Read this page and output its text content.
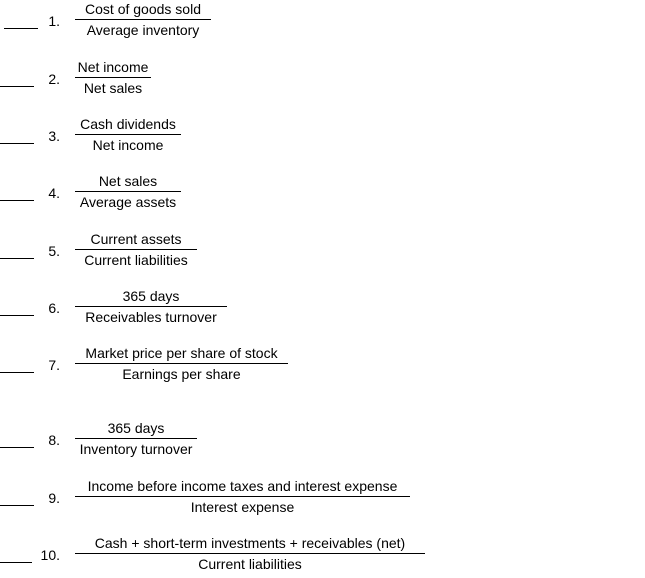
1.
Cost of goods sold
Average inventory
2.
Net income
Net sales
3.
Cash dividends
Net income
4.
Net sales
Average assets
5.
Current assets
Current liabilities
6.
365 days
Receivables turnover
7.
Market price per share of stock
Earnings per share
8.
365 days
Inventory turnover
9.
Income before income taxes and interest expense
Interest expense
10.
Cash + short-term investments + receivables (net)
Current liabilities
